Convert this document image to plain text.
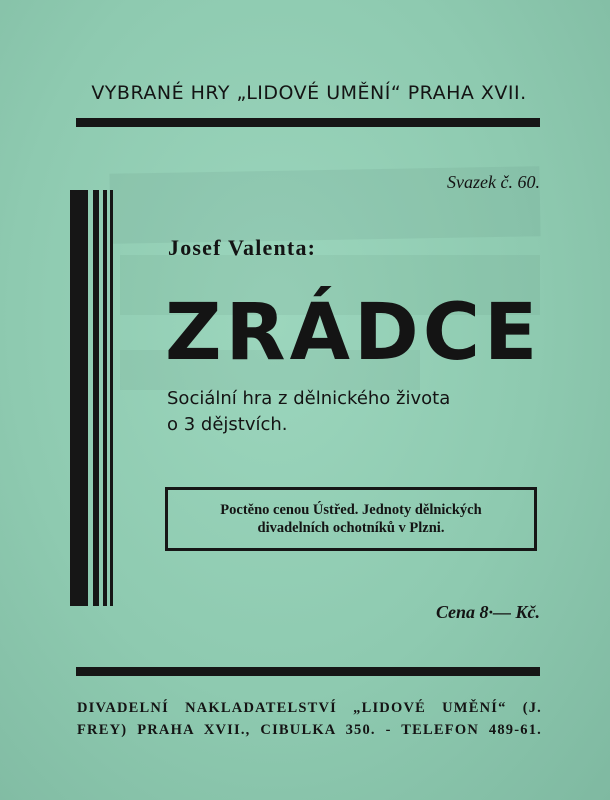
VYBRANÉ HRY „LIDOVÉ UMĚNÍ“ PRAHA XVII.
Svazek č. 60.
Josef Valenta:
ZRÁDCE
Sociální hra z dělnického života
o 3 dějstvích.
Poctěno cenou Ústřed. Jednoty dělnických
divadelních ochotníků v Plzni.
Cena 8·— Kč.
DIVADELNÍ NAKLADATELSTVÍ „LIDOVÉ UMĚNÍ“ (J.
FREY) PRAHA XVII., CIBULKA 350. - TELEFON 489-61.
